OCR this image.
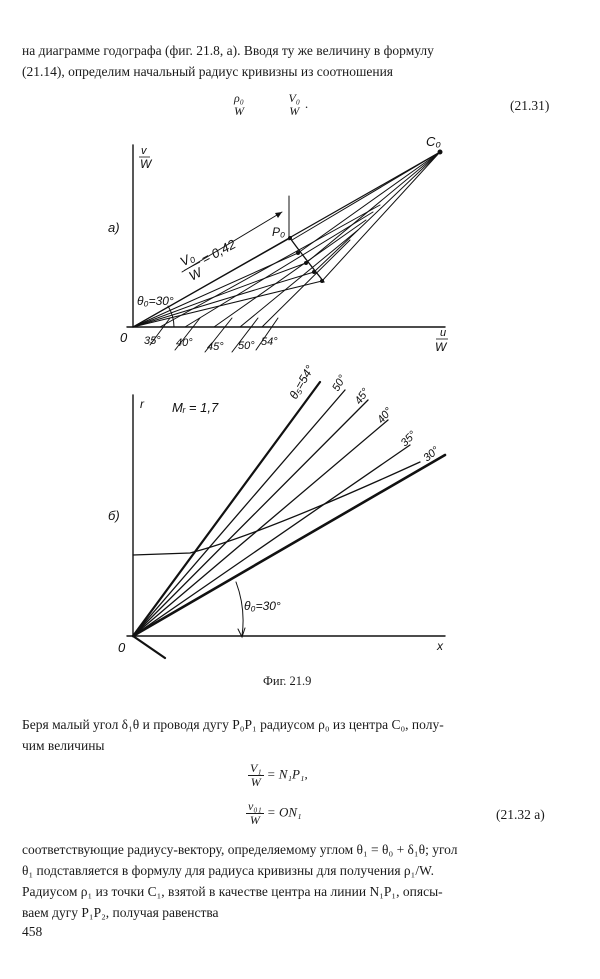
на диаграмме годографа (фиг. 21.8, а). Вводя ту же величину в формулу
(21.14), определим начальный радиус кривизны из соотношения
ρ₀
W

V₀
W
.	(21.31)
v
W
а)
C₀
P₀
V₀
W
= 0,42
θ₀=30°
0	u
W
35° 40° 45° 50° 54°
r Mᵣ = 1,7
б)
θ₅=54° 50°
45°
40°
35°
30°
θ₀=30°
0	x
Фиг. 21.9
Беря малый угол δ₁θ и проводя дугу P₀P₁ радиусом ρ₀ из центра C₀, полу-
чим величины
$\frac{\text{V₁}}{W} = N_1P_1$,
$\frac{\text{v₀₁}}{W} = ON_1$	(21.32 а)
соответствующие радиусу-вектору, определяемому углом θ₁ = θ₀ + δ₁θ; угол
θ₁ подставляется в формулу для радиуса кривизны для получения ρ₁/W.
Радиусом ρ₁ из точки C₁, взятой в качестве центра на линии N₁P₁, опясы-
ваем дугу P₁P₂, получая равенства
458
